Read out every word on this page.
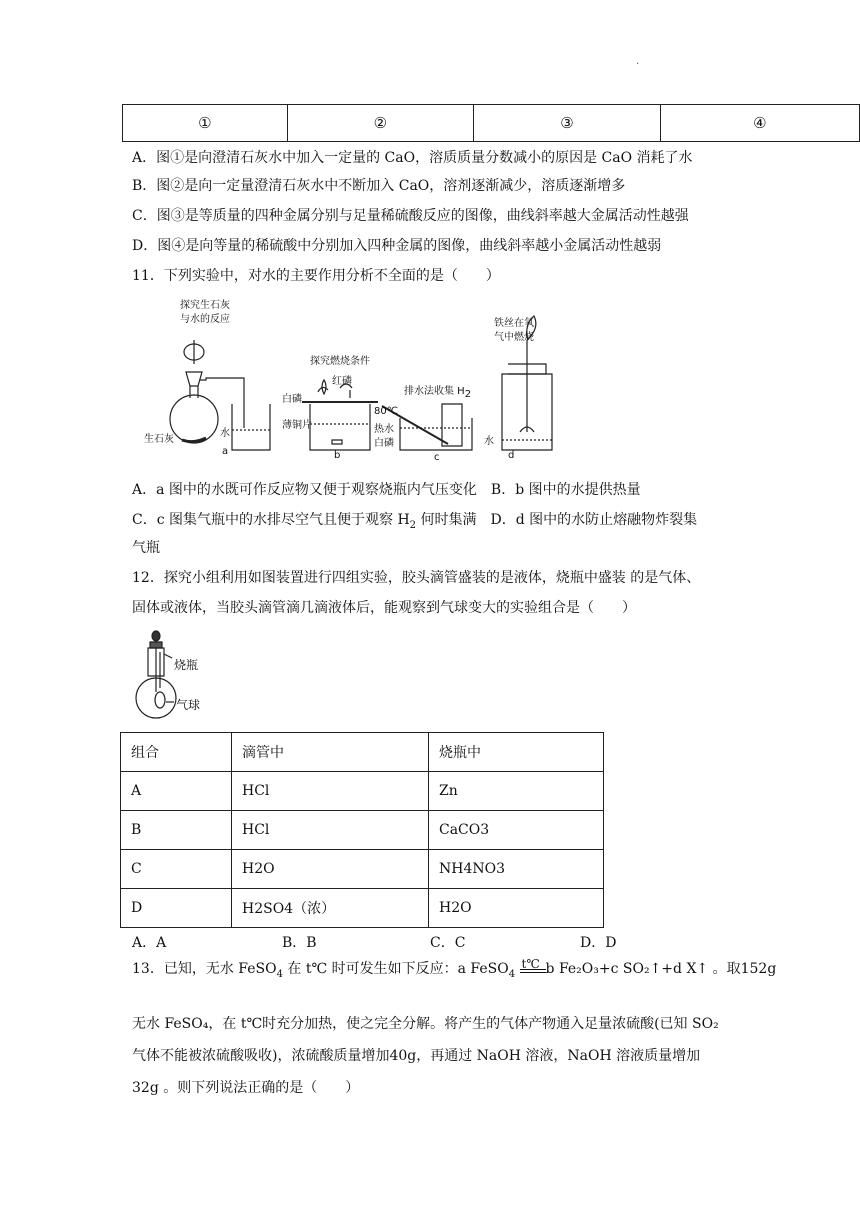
.
①	②	③	④
A．图①是向澄清石灰水中加入一定量的 CaO，溶质质量分数减小的原因是 CaO 消耗了水
B．图②是向一定量澄清石灰水中不断加入 CaO，溶剂逐渐减少，溶质逐渐增多
C．图③是等质量的四种金属分别与足量稀硫酸反应的图像，曲线斜率越大金属活动性越强
D．图④是向等量的稀硫酸中分别加入四种金属的图像，曲线斜率越小金属活动性越弱
11．下列实验中，对水的主要作用分析不全面的是（　　）
探究生石灰
与水的反应
生石灰
水
a
探究燃烧条件
红磷
白磷
薄铜片
80℃
热水
白磷
b
排水法收集 $H_2$
c
铁丝在氧
气中燃烧
水
d
A．a 图中的水既可作反应物又便于观察烧瓶内气压变化　B．b 图中的水提供热量
C．c 图集气瓶中的水排尽空气且便于观察 $H_2$ 何时集满　D．d 图中的水防止熔融物炸裂集
气瓶
12．探究小组利用如图装置进行四组实验，胶头滴管盛装的是液体，烧瓶中盛装 的是气体、
固体或液体，当胶头滴管滴几滴液体后，能观察到气球变大的实验组合是（　　）
烧瓶
气球
组合	滴管中	烧瓶中
A	HCl	Zn
B	HCl	CaCO3
C	H2O	NH4NO3
D	H2SO4（浓）	H2O
A．A	B．B	C．C	D．D
13．已知，无水 FeSO$_4$ 在 t℃ 时可发生如下反应：a FeSO$_4$
t℃ b Fe₂O₃+c SO₂↑+d X↑ 。取152g
无水 FeSO₄，在 t℃时充分加热，使之完全分解。将产生的气体产物通入足量浓硫酸(已知 SO₂
气体不能被浓硫酸吸收)，浓硫酸质量增加40g，再通过 NaOH 溶液，NaOH 溶液质量增加
32g 。则下列说法正确的是（　　）
